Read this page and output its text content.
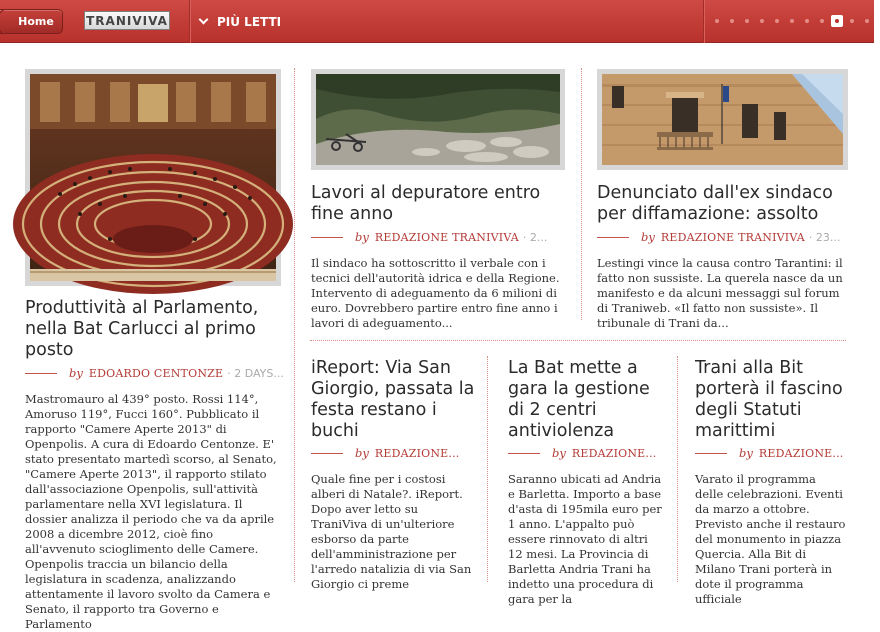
Home	TRANIVIVA	PIÙ LETTI
Produttività al Parlamento, nella Bat Carlucci al primo posto
by EDOARDO CENTONZE · 2 DAYS...
Mastromauro al 439° posto. Rossi 114°, Amoruso 119°, Fucci 160°. Pubblicato il rapporto "Camere Aperte 2013" di Openpolis. A cura di Edoardo Centonze. E' stato presentato martedì scorso, al Senato, "Camere Aperte 2013", il rapporto stilato dall'associazione Openpolis, sull'attività parlamentare nella XVI legislatura. Il dossier analizza il periodo che va da aprile 2008 a dicembre 2012, cioè fino all'avvenuto scioglimento delle Camere. Openpolis traccia un bilancio della legislatura in scadenza, analizzando attentamente il lavoro svolto da Camera e Senato, il rapporto tra Governo e Parlamento
Lavori al depuratore entro fine anno
by REDAZIONE TRANIVIVA · 2...
Il sindaco ha sottoscritto il verbale con i tecnici dell'autorità idrica e della Regione. Intervento di adeguamento da 6 milioni di euro. Dovrebbero partire entro fine anno i lavori di adeguamento...
Denunciato dall'ex sindaco per diffamazione: assolto
by REDAZIONE TRANIVIVA · 23...
Lestingi vince la causa contro Tarantini: il fatto non sussiste. La querela nasce da un manifesto e da alcuni messaggi sul forum di Traniweb. «Il fatto non sussiste». Il tribunale di Trani da...
iReport: Via San Giorgio, passata la festa restano i buchi
by REDAZIONE...
Quale fine per i costosi alberi di Natale?. iReport. Dopo aver letto su TraniViva di un'ulteriore esborso da parte dell'amministrazione per l'arredo natalizia di via San Giorgio ci preme
La Bat mette a gara la gestione di 2 centri antiviolenza
by REDAZIONE...
Saranno ubicati ad Andria e Barletta. Importo a base d'asta di 195mila euro per 1 anno. L'appalto può essere rinnovato di altri 12 mesi. La Provincia di Barletta Andria Trani ha indetto una procedura di gara per la
Trani alla Bit porterà il fascino degli Statuti marittimi
by REDAZIONE...
Varato il programma delle celebrazioni. Eventi da marzo a ottobre. Previsto anche il restauro del monumento in piazza Quercia. Alla Bit di Milano Trani porterà in dote il programma ufficiale
